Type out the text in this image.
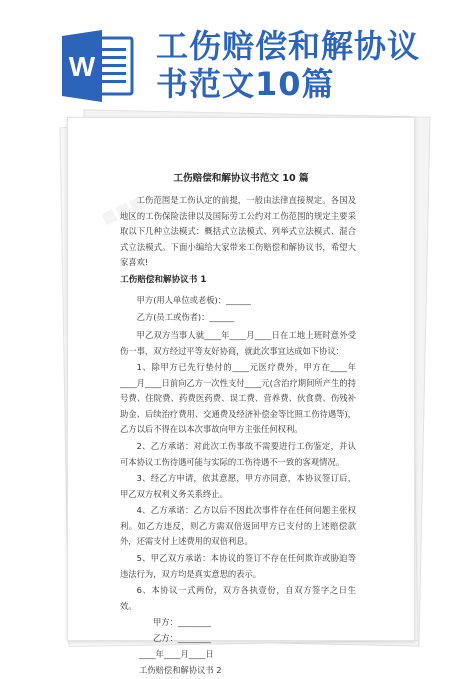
W
工伤赔偿和解协议
书范文10篇
工伤赔偿和解协议书范文 10 篇
工伤范围是工伤认定的前提，一般由法律直接规定。各国及地区的工伤保险法律以及国际劳工公约对工伤范围的规定主要采取以下几种立法模式：概括式立法模式、列举式立法模式、混合式立法模式。下面小编给大家带来工伤赔偿和解协议书，希望大家喜欢!
工伤赔偿和解协议书 1
甲方(用人单位或老板)：______
乙方(员工或伤者)：______
甲乙双方当事人就____年____月____日在工地上班时意外受伤一事，双方经过平等友好协商，就此次事宜达成如下协议：
1、除甲方已先行垫付的____元医疗费外，甲方在____年____月____日前向乙方一次性支付____元(含治疗期间所产生的持号费、住院费、药费医药费、误工费、营养费、伙食费、伤残补助金、后续治疗费用、交通费及经济补偿金等比照工伤待遇等)，乙方以后不得在以本次事故向甲方主张任何权利。
2、乙方承诺：对此次工伤事故不需要进行工伤鉴定，并认可本协议工伤待遇可能与实际的工伤待遇不一致的客观情况。
3、经乙方申请，依其意愿，甲方亦同意，本协议签订后，甲乙双方权利义务关系终止。
4、乙方承诺：乙方以后不因此次事件存在任何问题主张权利。如乙方违反，则乙方需双倍返回甲方已支付的上述赔偿款外，还需支付上述费用的双倍利息。
5、甲乙双方承诺：本协议的签订不存在任何欺诈或胁迫等违法行为，双方均是真实意思的表示。
6、本协议一式两份，双方各执壹份，自双方签字之日生效。
甲方：________
乙方：________
____年____月____日
工伤赔偿和解协议书 2
